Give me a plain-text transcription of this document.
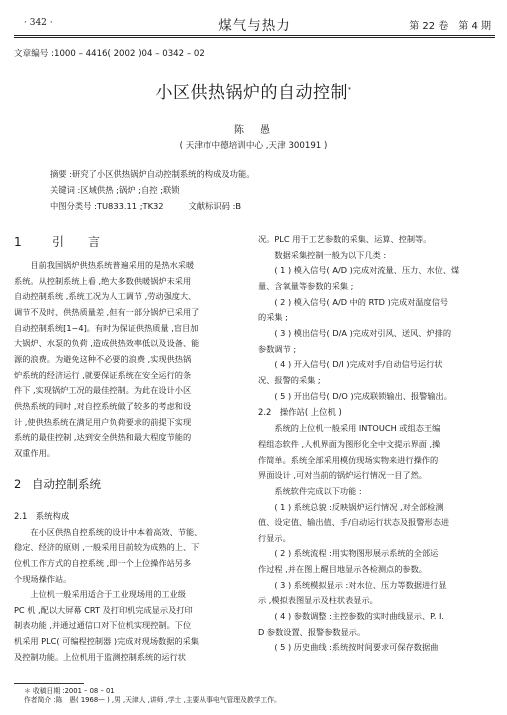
· 342 ·	煤气与热力	第 22 卷　第 4 期
文章编号 :1000 – 4416( 2002 )04 – 0342 – 02
小区供热锅炉的自动控制*
陈　愚
( 天津市中德培训中心 ,天津 300191 )
摘要 :研究了小区供热锅炉自动控制系统的构成及功能。
关键词 :区域供热 ;锅炉 ;自控 ;联锁
中图分类号 :TU833.11 ;TK32　　　文献标识码 :B
1	引　　言

目前我国锅炉供热系统普遍采用的是热水采暖

系统。从控制系统上看 ,绝大多数供暖锅炉未采用

自动控制系统 ,系统工况为人工调节 ,劳动强度大、

调节不及时、供热质量差 ,但有一部分锅炉已采用了

自动控制系统[1~4]。有时为保证供热质量 ,盲目加

大锅炉、水泵的负荷 ,造成供热效率低以及设备、能

源的浪费。为避免这种不必要的浪费 ,实现供热锅

炉系统的经济运行 ,就要保证系统在安全运行的条

件下 ,实现锅炉工况的最佳控制。为此在设计小区

供热系统的同时 ,对自控系统做了较多的考虑和设

计 ,使供热系统在满足用户负荷要求的前提下实现

系统的最佳控制 ,达到安全供热和最大程度节能的

双重作用。

2 自动控制系统
2.1　系统构成

在小区供热自控系统的设计中本着高效、节能、

稳定、经济的原则 ,一般采用目前较为成熟的上、下

位机工作方式的自控系统 ,即一个上位操作站另多

个现场操作站。

上位机一般采用适合于工业现场用的工业级

PC 机 ,配以大屏幕 CRT 及打印机完成显示及打印

制表功能 ,并通过通信口对下位机实现控制。下位

机采用 PLC( 可编程控制器 )完成对现场数据的采集

及控制功能。上位机用于监测控制系统的运行状

况。PLC 用于工艺参数的采集、运算、控制等。

数据采集控制一般为以下几类 :

( 1 ) 模入信号( A/D )完成对流量、压力、水位、煤

量、含氧量等参数的采集 ;

( 2 ) 模入信号( A/D 中的 RTD )完成对温度信号

的采集 ;

( 3 ) 模出信号( D/A )完成对引风、送风、炉排的

参数调节 ;

( 4 ) 开入信号( D/I )完成对手/自动信号运行状

况、报警的采集 ;

( 5 ) 开出信号( D/O )完成联锁输出、报警输出。

2.2　操作站( 上位机 )

系统的上位机一般采用 INTOUCH 或组态王编

程组态软件 ,人机界面为图形化全中文提示界面 ,操

作简单。系统全部采用模仿现场实物来进行操作的

界面设计 ,可对当前的锅炉运行情况一目了然。

系统软件完成以下功能 :

( 1 ) 系统总貌 :反映锅炉运行情况 ,对全部检测

值、设定值、输出值、手/自动运行状态及报警形态进

行显示。

( 2 ) 系统流程 :用实物图形展示系统的全部运

作过程 ,并在图上醒目地显示各检测点的参数。

( 3 ) 系统模拟显示 :对水位、压力等数据进行显

示 ,模拟表图显示及柱状表显示。

( 4 ) 参数调整 :主控参数的实时曲线显示、P. I.

D 参数设置、报警参数显示。

( 5 ) 历史曲线 :系统按时间要求可保存数据曲

＊ 收稿日期 :2001 – 08 – 01
作者简介 :陈　愚( 1968— ) ,男 ,天津人 ,讲师 ,学士 ,主要从事电气管理及教学工作。
